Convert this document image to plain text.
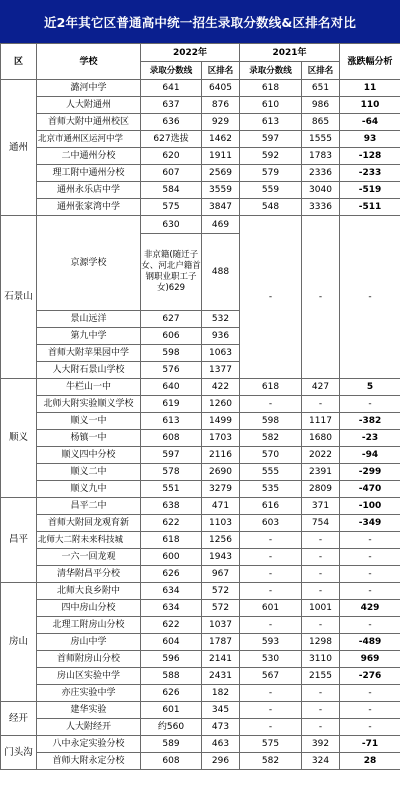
近2年其它区普通高中统一招生录取分数线&区排名对比
区	学校	2022年		2021年		涨跌幅分析
		录取分数线	区排名	录取分数线	区排名	
通州	潞河中学	641	6405	618	651	11
	人大附通州	637	876	610	986	110
	首师大附中通州校区	636	929	613	865	-64
	北京市通州区运河中学	627选拔	1462	597	1555	93
	二中通州分校	620	1911	592	1783	-128
	理工附中通州分校	607	2569	579	2336	-233
	通州永乐店中学	584	3559	559	3040	-519
	通州张家湾中学	575	3847	548	3336	-511
石景山	京源学校	630	469	-	-	-
		非京籍(随迁子女、河北户籍首钢职业职工子女)629	488			

	景山远洋	627	532			
	第九中学	606	936			
	首师大附苹果园中学	598	1063			
	人大附石景山学校	576	1377			

顺义	牛栏山一中	640	422	618	427	5
	北师大附实验顺义学校	619	1260	-	-	-
	顺义一中	613	1499	598	1117	-382
	杨镇一中	608	1703	582	1680	-23
	顺义四中分校	597	2116	570	2022	-94
	顺义二中	578	2690	555	2391	-299
	顺义九中	551	3279	535	2809	-470
昌平	昌平二中	638	471	616	371	-100
	首师大附回龙观育新	622	1103	603	754	-349
	北师大二附未来科技城	618	1256	-	-	-
	一六一回龙观	600	1943	-	-	-
	清华附昌平分校	626	967	-	-	-
房山	北师大良乡附中	634	572	-	-	-
	四中房山分校	634	572	601	1001	429
	北理工附房山分校	622	1037	-	-	-
	房山中学	604	1787	593	1298	-489
	首师附房山分校	596	2141	530	3110	969
	房山区实验中学	588	2431	567	2155	-276
	亦庄实验中学	626	182	-	-	-
经开	建华实验	601	345	-	-	-
	人大附经开	约560	473	-	-	-
门头沟	八中永定实验分校	589	463	575	392	-71
	首师大附永定分校	608	296	582	324	28
